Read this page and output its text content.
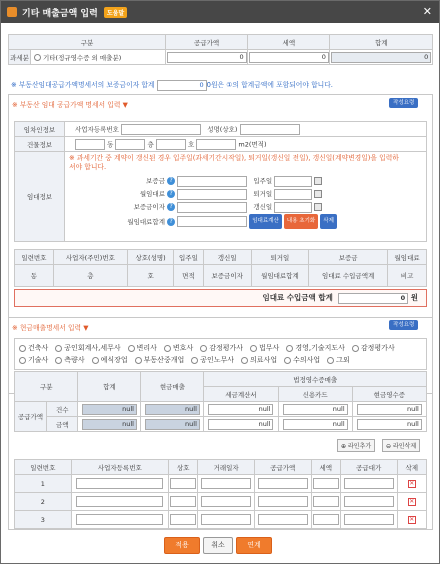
기타 매출금액 입력	도움말	✕
구분		공급가액	세액	합계
과세분	기타(정규영수증 외 매출분)	0	0	0
※ 부동산임대공급가액명세서의 보증금이자 합계	0 0원은 ①의 합계금액에 포함되어야 합니다.
※ 부동산 임대 공급가액 명세서 입력 ▼	작성요령
임차인정보	사업자등록번호 성명(상호)
건물정보	동 층 호 m2(면적)
임대정보	※ 과세기간 중 계약이 갱신된 경우 입주일(과세기간시작일), 퇴거일(갱신일 전일), 갱신일(계약변경일)을 입력하셔야 합니다.
보증금 ? 입주일
월임대료 ? 퇴거일
보증금이자 ? 갱신일
월임대료합계 ? 임대료계산 내용 초기화 삭제
일련번호	사업자(주민)번호	상호(성명)	입주일	갱신일	퇴거일	보증금	월임대료
동	층	호	면적	보증금이자	월임대료합계	임대료 수입금액계	비고
임대료 수입금액 합계	0 원
※ 현금매출명세서 입력 ▼	작성요령
건축사 공인회계사,세무사 변리사 변호사 감정평가사 법무사 경영,기술지도사 감정평가사
기술사 측량사 예식장업 부동산중개업 공인노무사 의료사업 수의사업 그외
구분		합계	현금매출	법정영수증매출		
				세금계산서	신용카드	현금영수증
공급가액	건수	null	null	null	null	null
	금액	null	null	null	null	null
⊕ 라인추가	⊖ 라인삭제
일련번호	사업자등록번호	상호	거래일자	공급가액	세액	공급대가	삭제
1							✕
2							✕
3							✕
적용	취소	연계
